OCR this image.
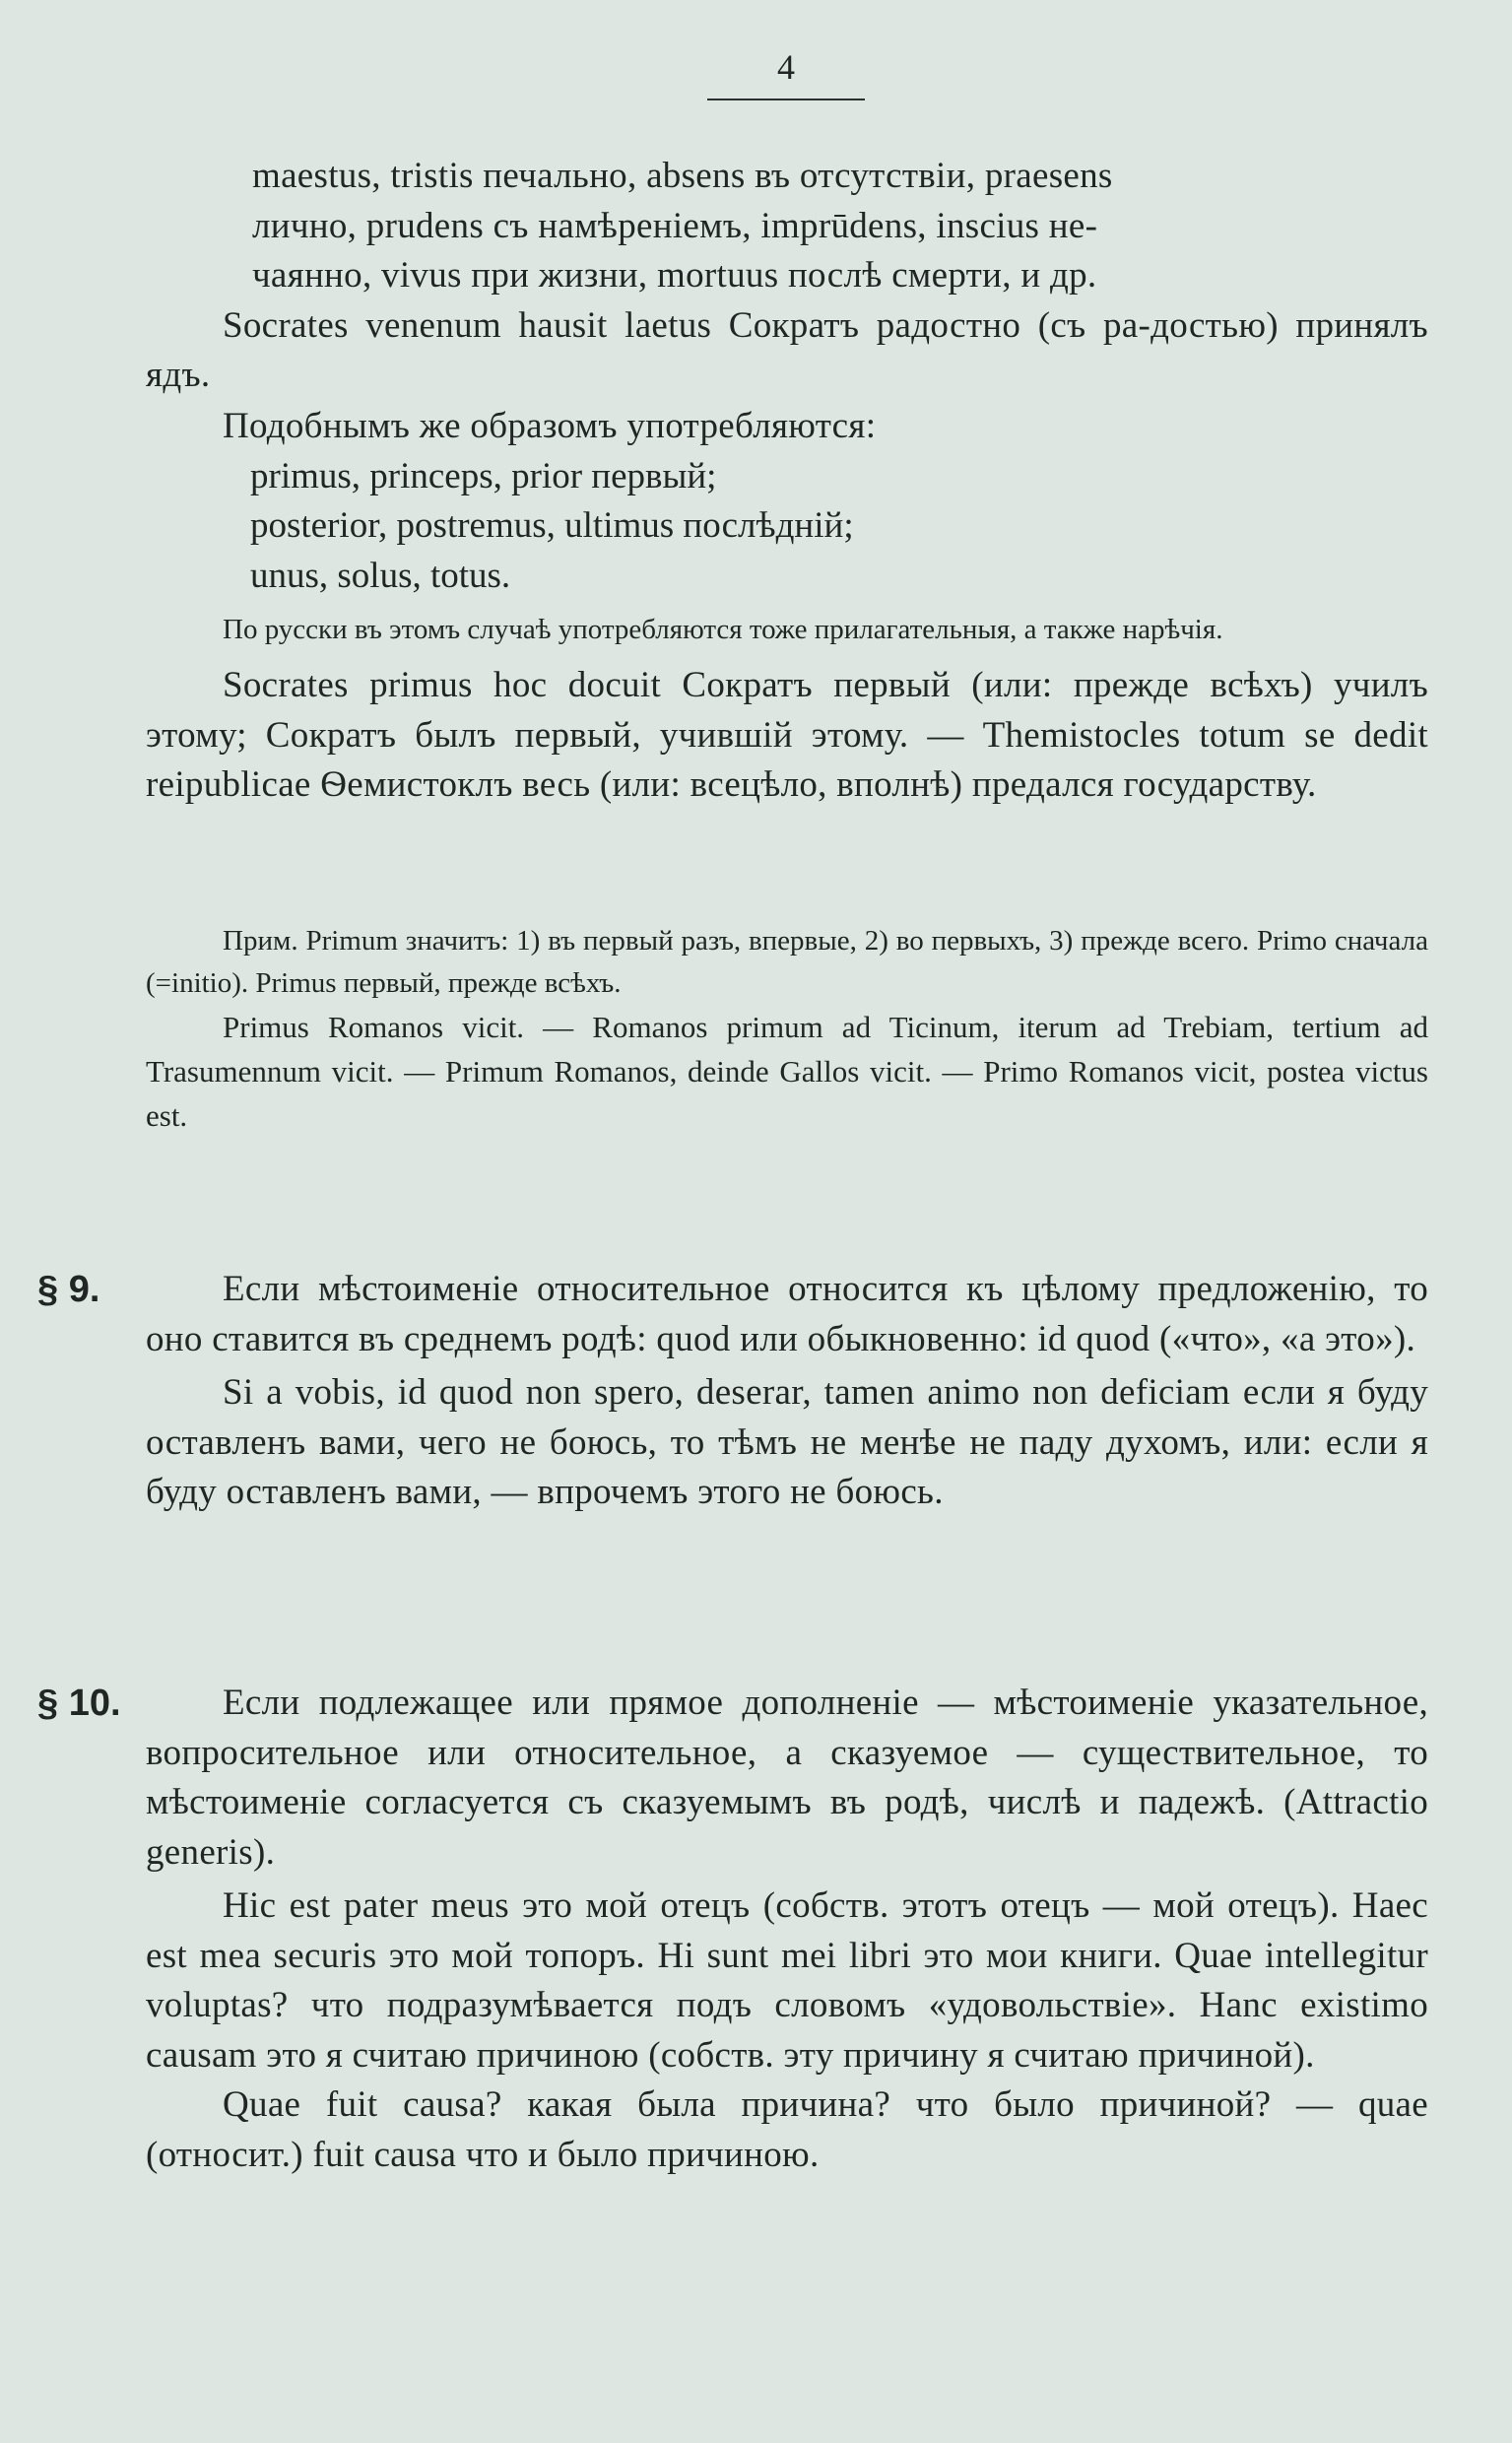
4

maestus, tristis печально, absens въ отсутствіи, praesens

лично, prudens съ намѣреніемъ, imprūdens, inscius не-

чаянно, vivus при жизни, mortuus послѣ смерти, и др.

Socrates venenum hausit laetus Сократъ радостно (съ ра-достью) принялъ ядъ.

Подобнымъ же образомъ употребляются:

primus, princeps, prior первый;

posterior, postremus, ultimus послѣдній;

unus, solus, totus.

По русски въ этомъ случаѣ употребляются тоже прилагательныя, а также нарѣчія.

Socrates primus hoc docuit Сократъ первый (или: прежде всѣхъ) училъ этому; Сократъ былъ первый, учившій этому. — Themistocles totum se dedit reipublicae Ѳемистоклъ весь (или: всецѣло, вполнѣ) предался государству.

Прим. Primum значитъ: 1) въ первый разъ, впервые, 2) во первыхъ, 3) прежде всего. Primo сначала (=initio). Primus первый, прежде всѣхъ.

Primus Romanos vicit. — Romanos primum ad Ticinum, iterum ad Trebiam, tertium ad Trasumennum vicit. — Primum Romanos, deinde Gallos vicit. — Primo Romanos vicit, postea victus est.

§ 9.	Если мѣстоименіе относительное относится къ цѣлому предложенію, то оно ставится въ среднемъ родѣ: quod или обыкновенно: id quod («что», «а это»).

Si a vobis, id quod non spero, deserar, tamen animo non deficiam если я буду оставленъ вами, чего не боюсь, то тѣмъ не менѣе не паду духомъ, или: если я буду оставленъ вами, — впрочемъ этого не боюсь.

§ 10.	Если подлежащее или прямое дополненіе — мѣстоименіе указательное, вопросительное или относительное, а сказуемое — существительное, то мѣстоименіе согласуется съ сказуемымъ въ родѣ, числѣ и падежѣ. (Attractio generis).

Hic est pater meus это мой отецъ (собств. этотъ отецъ — мой отецъ). Haec est mea securis это мой топоръ. Hi sunt mei libri это мои книги. Quae intellegitur voluptas? что подразумѣвается подъ словомъ «удовольствіе». Hanc existimo causam это я считаю причиною (собств. эту причину я считаю причиной).

Quae fuit causa? какая была причина? что было причиной? — quae (относит.) fuit causa что и было причиною.
